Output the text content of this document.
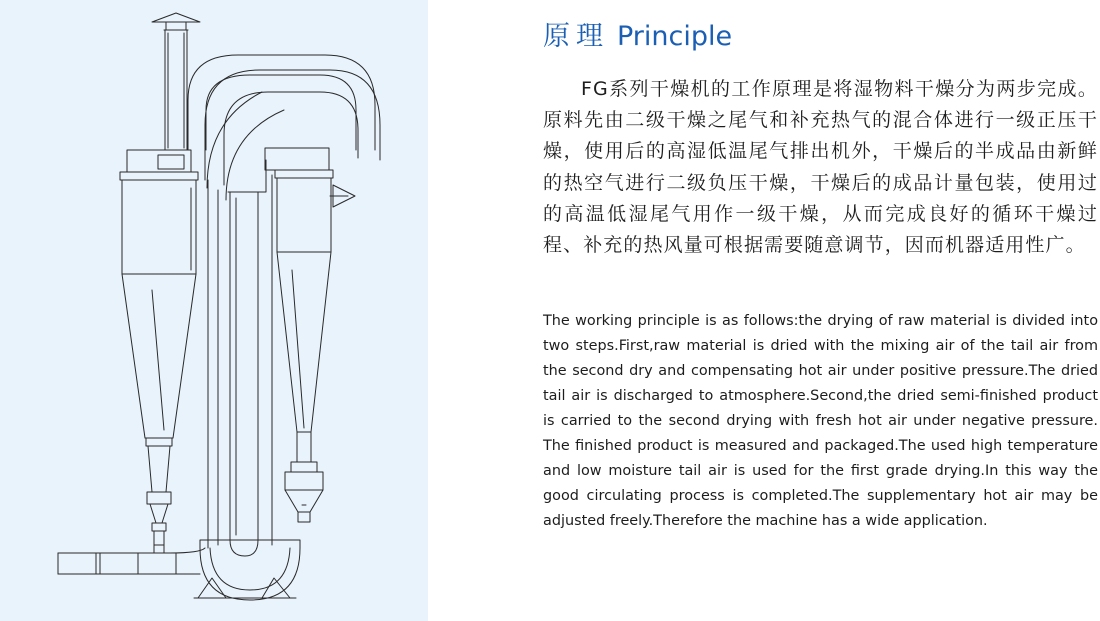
原理 Principle

FG系列干燥机的工作原理是将湿物料干燥分为两步完成。原料先由二级干燥之尾气和补充热气的混合体进行一级正压干燥，使用后的高湿低温尾气排出机外，干燥后的半成品由新鲜的热空气进行二级负压干燥，干燥后的成品计量包装，使用过的高温低湿尾气用作一级干燥，从而完成良好的循环干燥过程、补充的热风量可根据需要随意调节，因而机器适用性广。

The working principle is as follows:the drying of raw material is divided into two steps.First,raw material is dried with the mixing air of the tail air from the second dry and compensating hot air under positive pressure.The dried tail air is discharged to atmosphere.Second,the dried semi-finished product is carried to the second drying with fresh hot air under negative pressure. The finished product is measured and packaged.The used high temperature and low moisture tail air is used for the first grade drying.In this way the good circulating process is completed.The supplementary hot air may be adjusted freely.Therefore the machine has a wide application.
